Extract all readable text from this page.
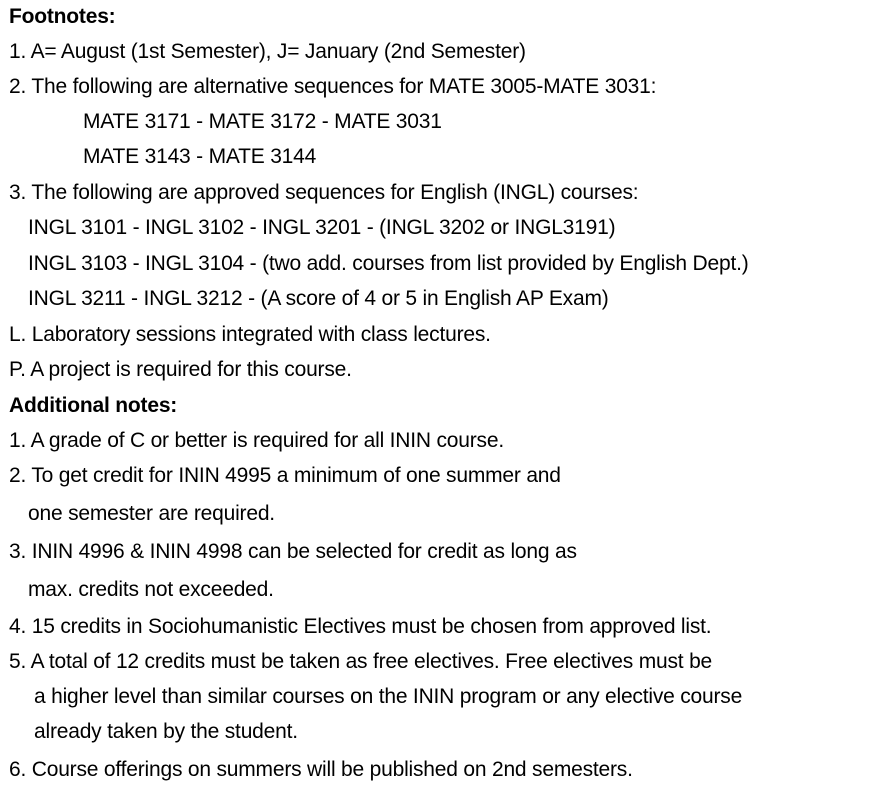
Footnotes:
1. A= August (1st Semester), J= January (2nd Semester)
2. The following are alternative sequences for MATE 3005-MATE 3031:
MATE 3171 - MATE 3172 - MATE 3031
MATE 3143 - MATE 3144
3. The following are approved sequences for English (INGL) courses:
INGL 3101 - INGL 3102 - INGL 3201 - (INGL 3202 or INGL3191)
INGL 3103 - INGL 3104 - (two add. courses from list provided by English Dept.)
INGL 3211 - INGL 3212 - (A score of 4 or 5 in English AP Exam)
L. Laboratory sessions integrated with class lectures.
P. A project is required for this course.
Additional notes:
1. A grade of C or better is required for all ININ course.
2. To get credit for ININ 4995 a minimum of one summer and
one semester are required.
3. ININ 4996 & ININ 4998 can be selected for credit as long as
max. credits not exceeded.
4. 15 credits in Sociohumanistic Electives must be chosen from approved list.
5. A total of 12 credits must be taken as free electives. Free electives must be
a higher level than similar courses on the ININ program or any elective course
already taken by the student.
6. Course offerings on summers will be published on 2nd semesters.
